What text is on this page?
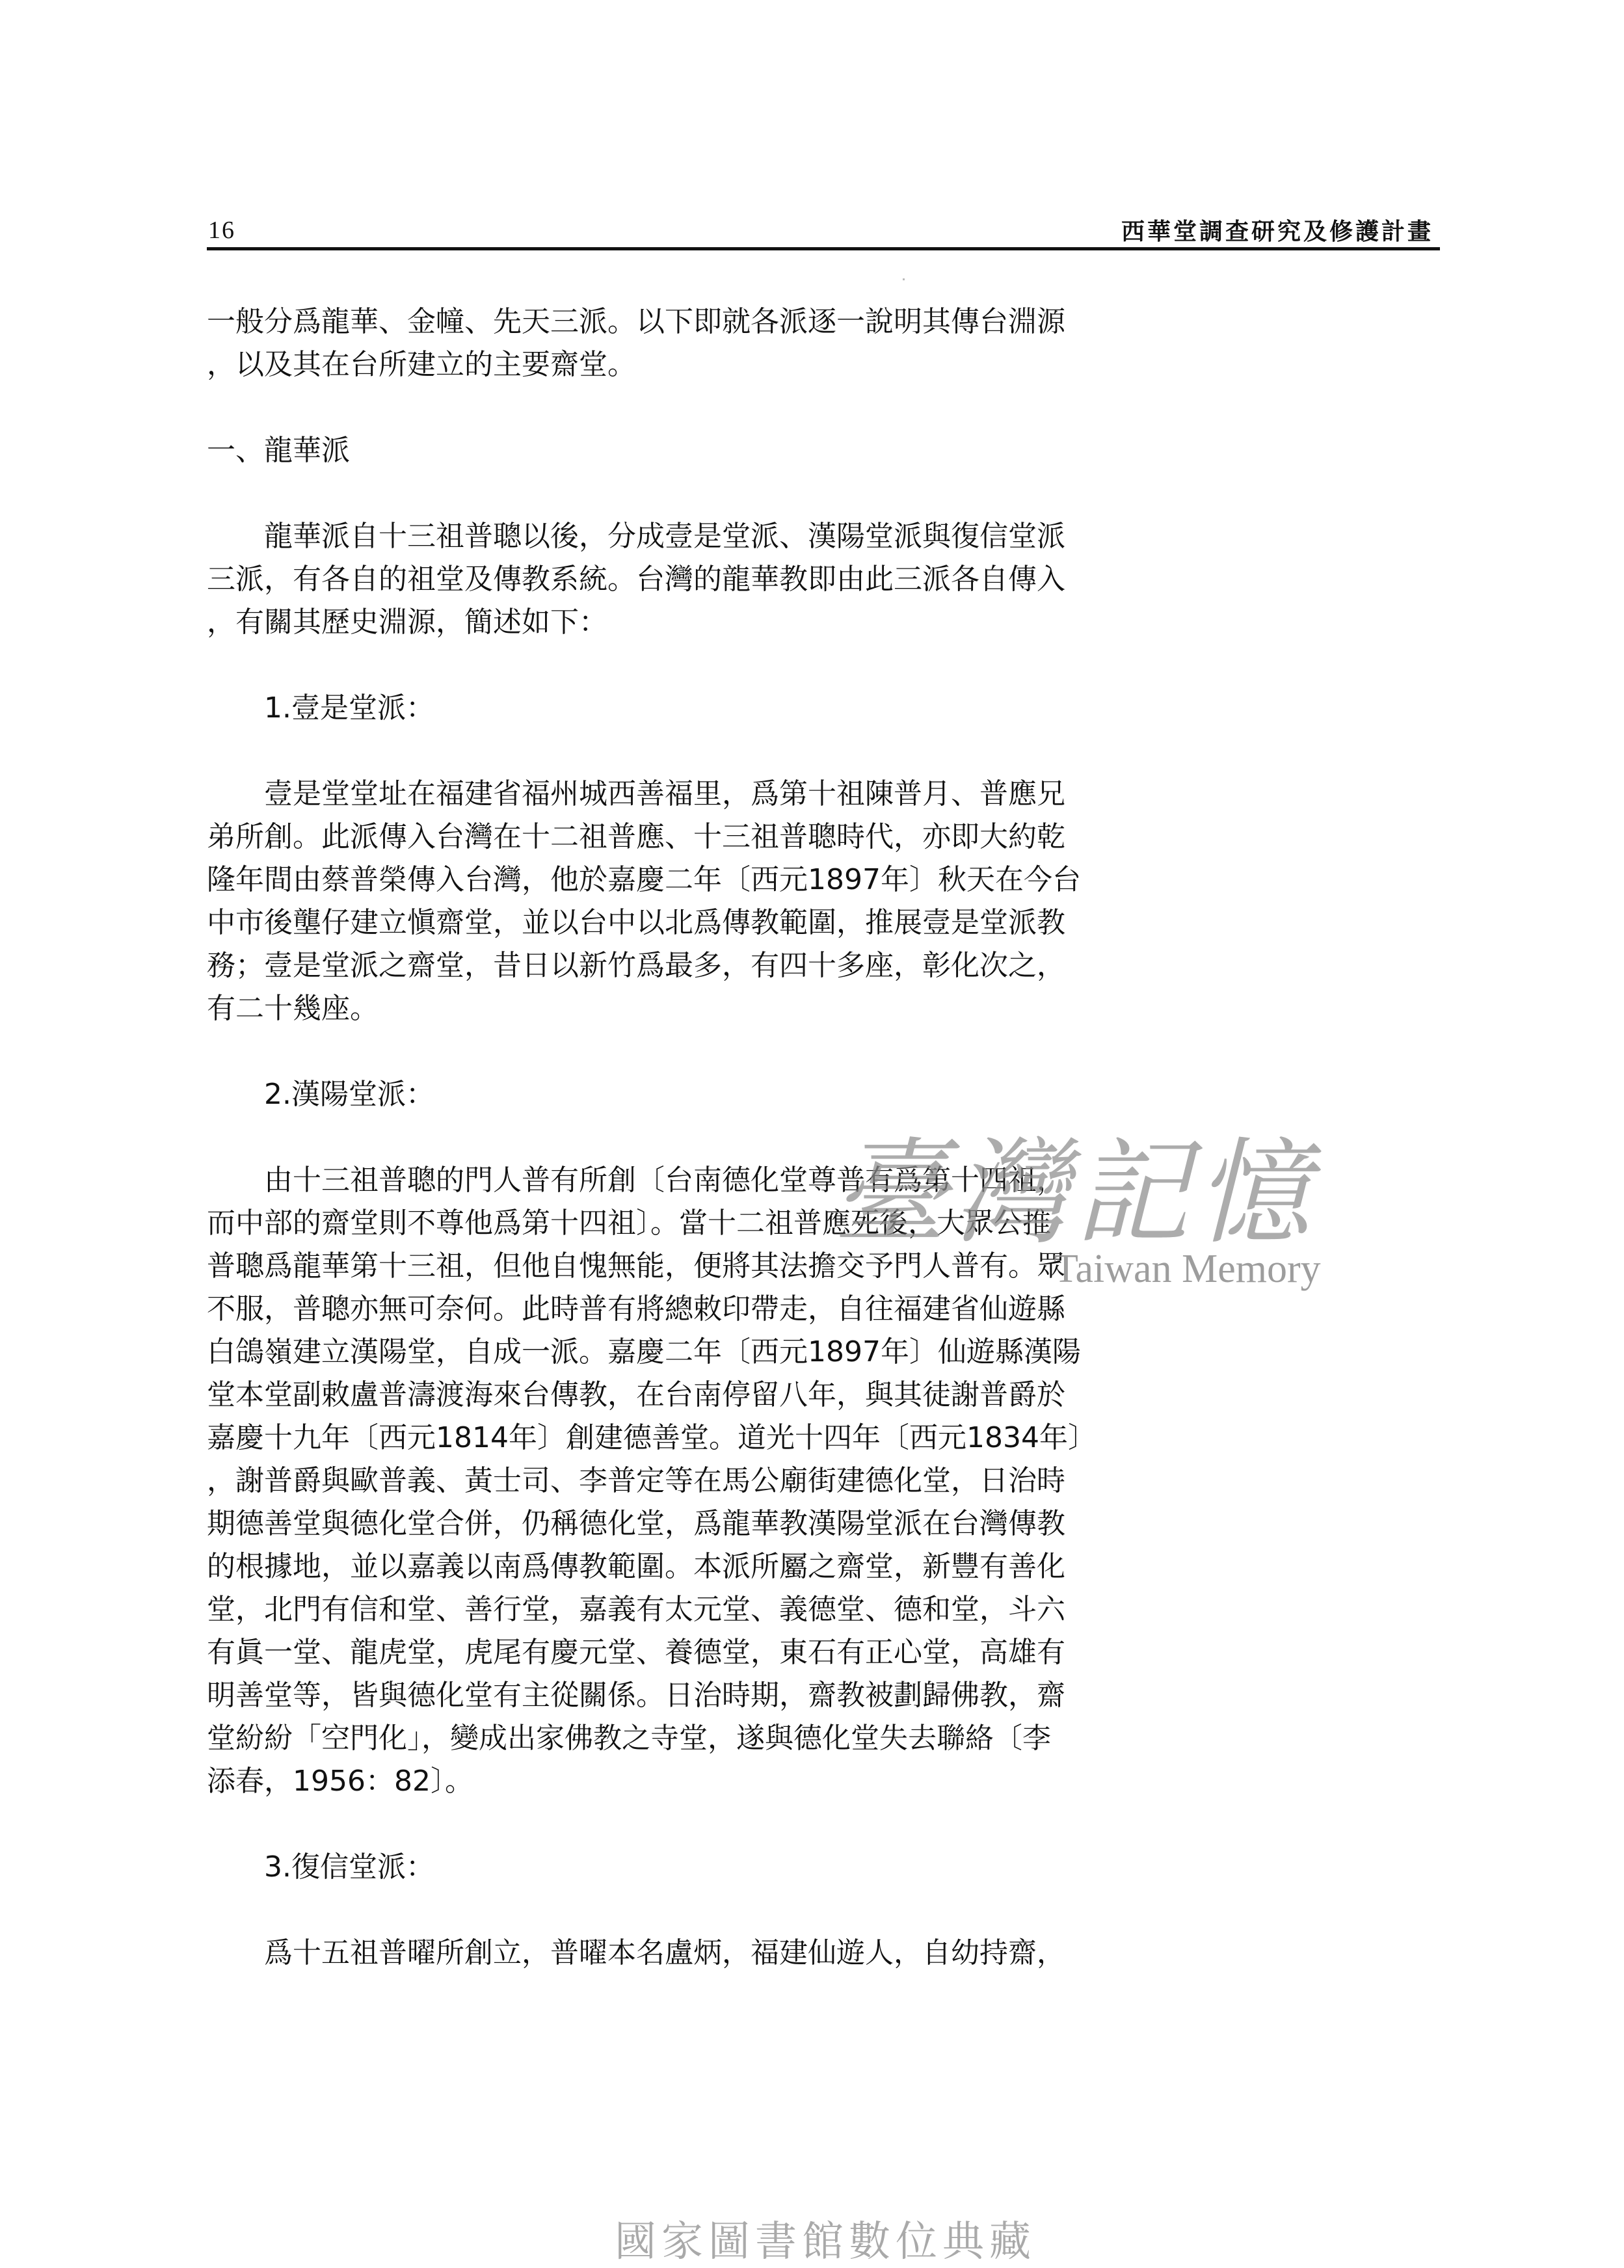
16	西華堂調查研究及修護計畫
一般分爲龍華、金幢、先天三派。以下即就各派逐一說明其傳台淵源
，以及其在台所建立的主要齋堂。
一、龍華派
龍華派自十三祖普聰以後，分成壹是堂派、漢陽堂派與復信堂派
三派，有各自的祖堂及傳教系統。台灣的龍華教即由此三派各自傳入
，有關其歷史淵源，簡述如下：
1.壹是堂派：
壹是堂堂址在福建省福州城西善福里，爲第十祖陳普月、普應兄
弟所創。此派傳入台灣在十二祖普應、十三祖普聰時代，亦即大約乾
隆年間由蔡普榮傳入台灣，他於嘉慶二年〔西元1897年〕秋天在今台
中市後壟仔建立愼齋堂，並以台中以北爲傳教範圍，推展壹是堂派教
務；壹是堂派之齋堂，昔日以新竹爲最多，有四十多座，彰化次之，
有二十幾座。
2.漢陽堂派：
由十三祖普聰的門人普有所創〔台南德化堂尊普有爲第十四祖，
而中部的齋堂則不尊他爲第十四祖〕。當十二祖普應死後，大眾公推
普聰爲龍華第十三祖，但他自愧無能，便將其法擔交予門人普有。眾
不服，普聰亦無可奈何。此時普有將總敕印帶走，自往福建省仙遊縣
白鴿嶺建立漢陽堂，自成一派。嘉慶二年〔西元1897年〕仙遊縣漢陽
堂本堂副敕盧普濤渡海來台傳教，在台南停留八年，與其徒謝普爵於
嘉慶十九年〔西元1814年〕創建德善堂。道光十四年〔西元1834年〕
，謝普爵與歐普義、黃士司、李普定等在馬公廟街建德化堂，日治時
期德善堂與德化堂合併，仍稱德化堂，爲龍華教漢陽堂派在台灣傳教
的根據地，並以嘉義以南爲傳教範圍。本派所屬之齋堂，新豐有善化
堂，北門有信和堂、善行堂，嘉義有太元堂、義德堂、德和堂，斗六
有眞一堂、龍虎堂，虎尾有慶元堂、養德堂，東石有正心堂，高雄有
明善堂等，皆與德化堂有主從關係。日治時期，齋教被劃歸佛教，齋
堂紛紛「空門化」，變成出家佛教之寺堂，遂與德化堂失去聯絡〔李
添春，1956：82〕。
3.復信堂派：
爲十五祖普曜所創立，普曜本名盧炳，福建仙遊人，自幼持齋，
臺灣記憶
Taiwan Memory
國家圖書館數位典藏
